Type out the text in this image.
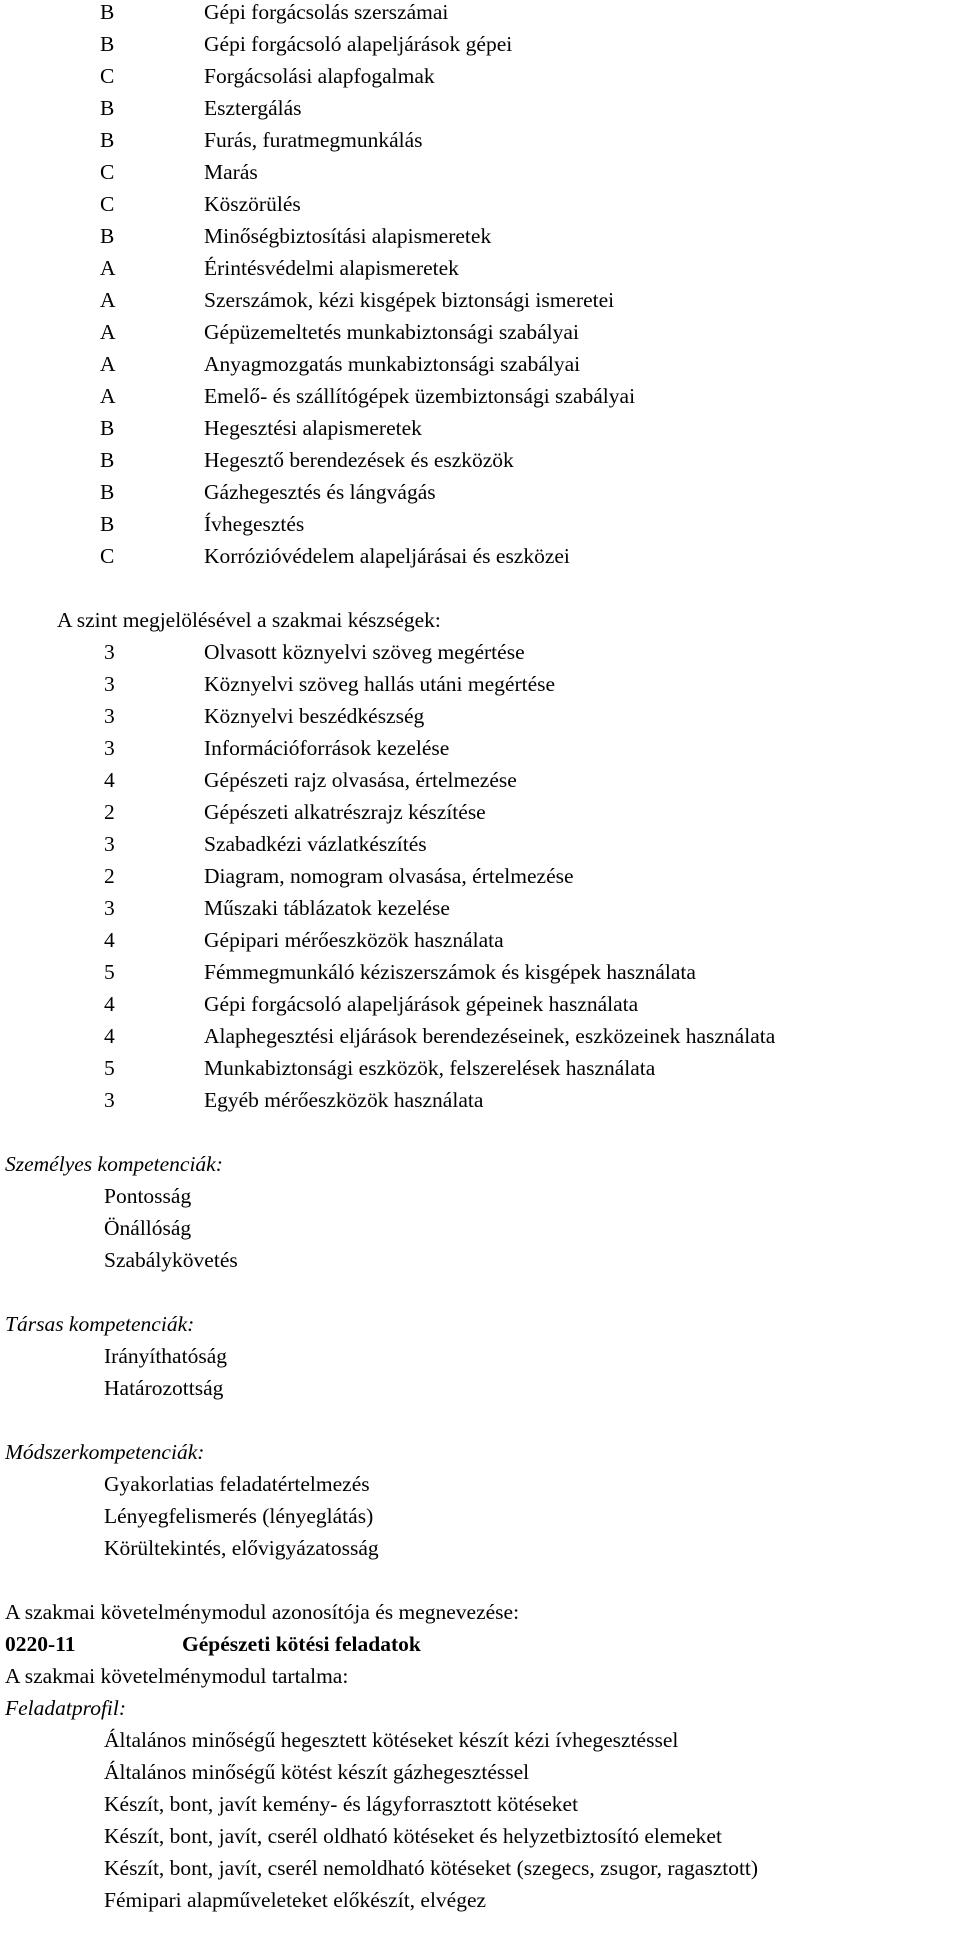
B	Gépi forgácsolás szerszámai
B	Gépi forgácsoló alapeljárások gépei
C	Forgácsolási alapfogalmak
B	Esztergálás
B	Furás, furatmegmunkálás
C	Marás
C	Köszörülés
B	Minőségbiztosítási alapismeretek
A	Érintésvédelmi alapismeretek
A	Szerszámok, kézi kisgépek biztonsági ismeretei
A	Gépüzemeltetés munkabiztonsági szabályai
A	Anyagmozgatás munkabiztonsági szabályai
A	Emelő- és szállítógépek üzembiztonsági szabályai
B	Hegesztési alapismeretek
B	Hegesztő berendezések és eszközök
B	Gázhegesztés és lángvágás
B	Ívhegesztés
C	Korrózióvédelem alapeljárásai és eszközei
A szint megjelölésével a szakmai készségek:
3	Olvasott köznyelvi szöveg megértése
3	Köznyelvi szöveg hallás utáni megértése
3	Köznyelvi beszédkészség
3	Információforrások kezelése
4	Gépészeti rajz olvasása, értelmezése
2	Gépészeti alkatrészrajz készítése
3	Szabadkézi vázlatkészítés
2	Diagram, nomogram olvasása, értelmezése
3	Műszaki táblázatok kezelése
4	Gépipari mérőeszközök használata
5	Fémmegmunkáló kéziszerszámok és kisgépek használata
4	Gépi forgácsoló alapeljárások gépeinek használata
4	Alaphegesztési eljárások berendezéseinek, eszközeinek használata
5	Munkabiztonsági eszközök, felszerelések használata
3	Egyéb mérőeszközök használata
Személyes kompetenciák:
Pontosság
Önállóság
Szabálykövetés
Társas kompetenciák:
Irányíthatóság
Határozottság
Módszerkompetenciák:
Gyakorlatias feladatértelmezés
Lényegfelismerés (lényeglátás)
Körültekintés, elővigyázatosság
A szakmai követelménymodul azonosítója és megnevezése:
0220-11	Gépészeti kötési feladatok
A szakmai követelménymodul tartalma:
Feladatprofil:
Általános minőségű hegesztett kötéseket készít kézi ívhegesztéssel
Általános minőségű kötést készít gázhegesztéssel
Készít, bont, javít kemény- és lágyforrasztott kötéseket
Készít, bont, javít, cserél oldható kötéseket és helyzetbiztosító elemeket
Készít, bont, javít, cserél nemoldható kötéseket (szegecs, zsugor, ragasztott)
Fémipari alapműveleteket előkészít, elvégez
